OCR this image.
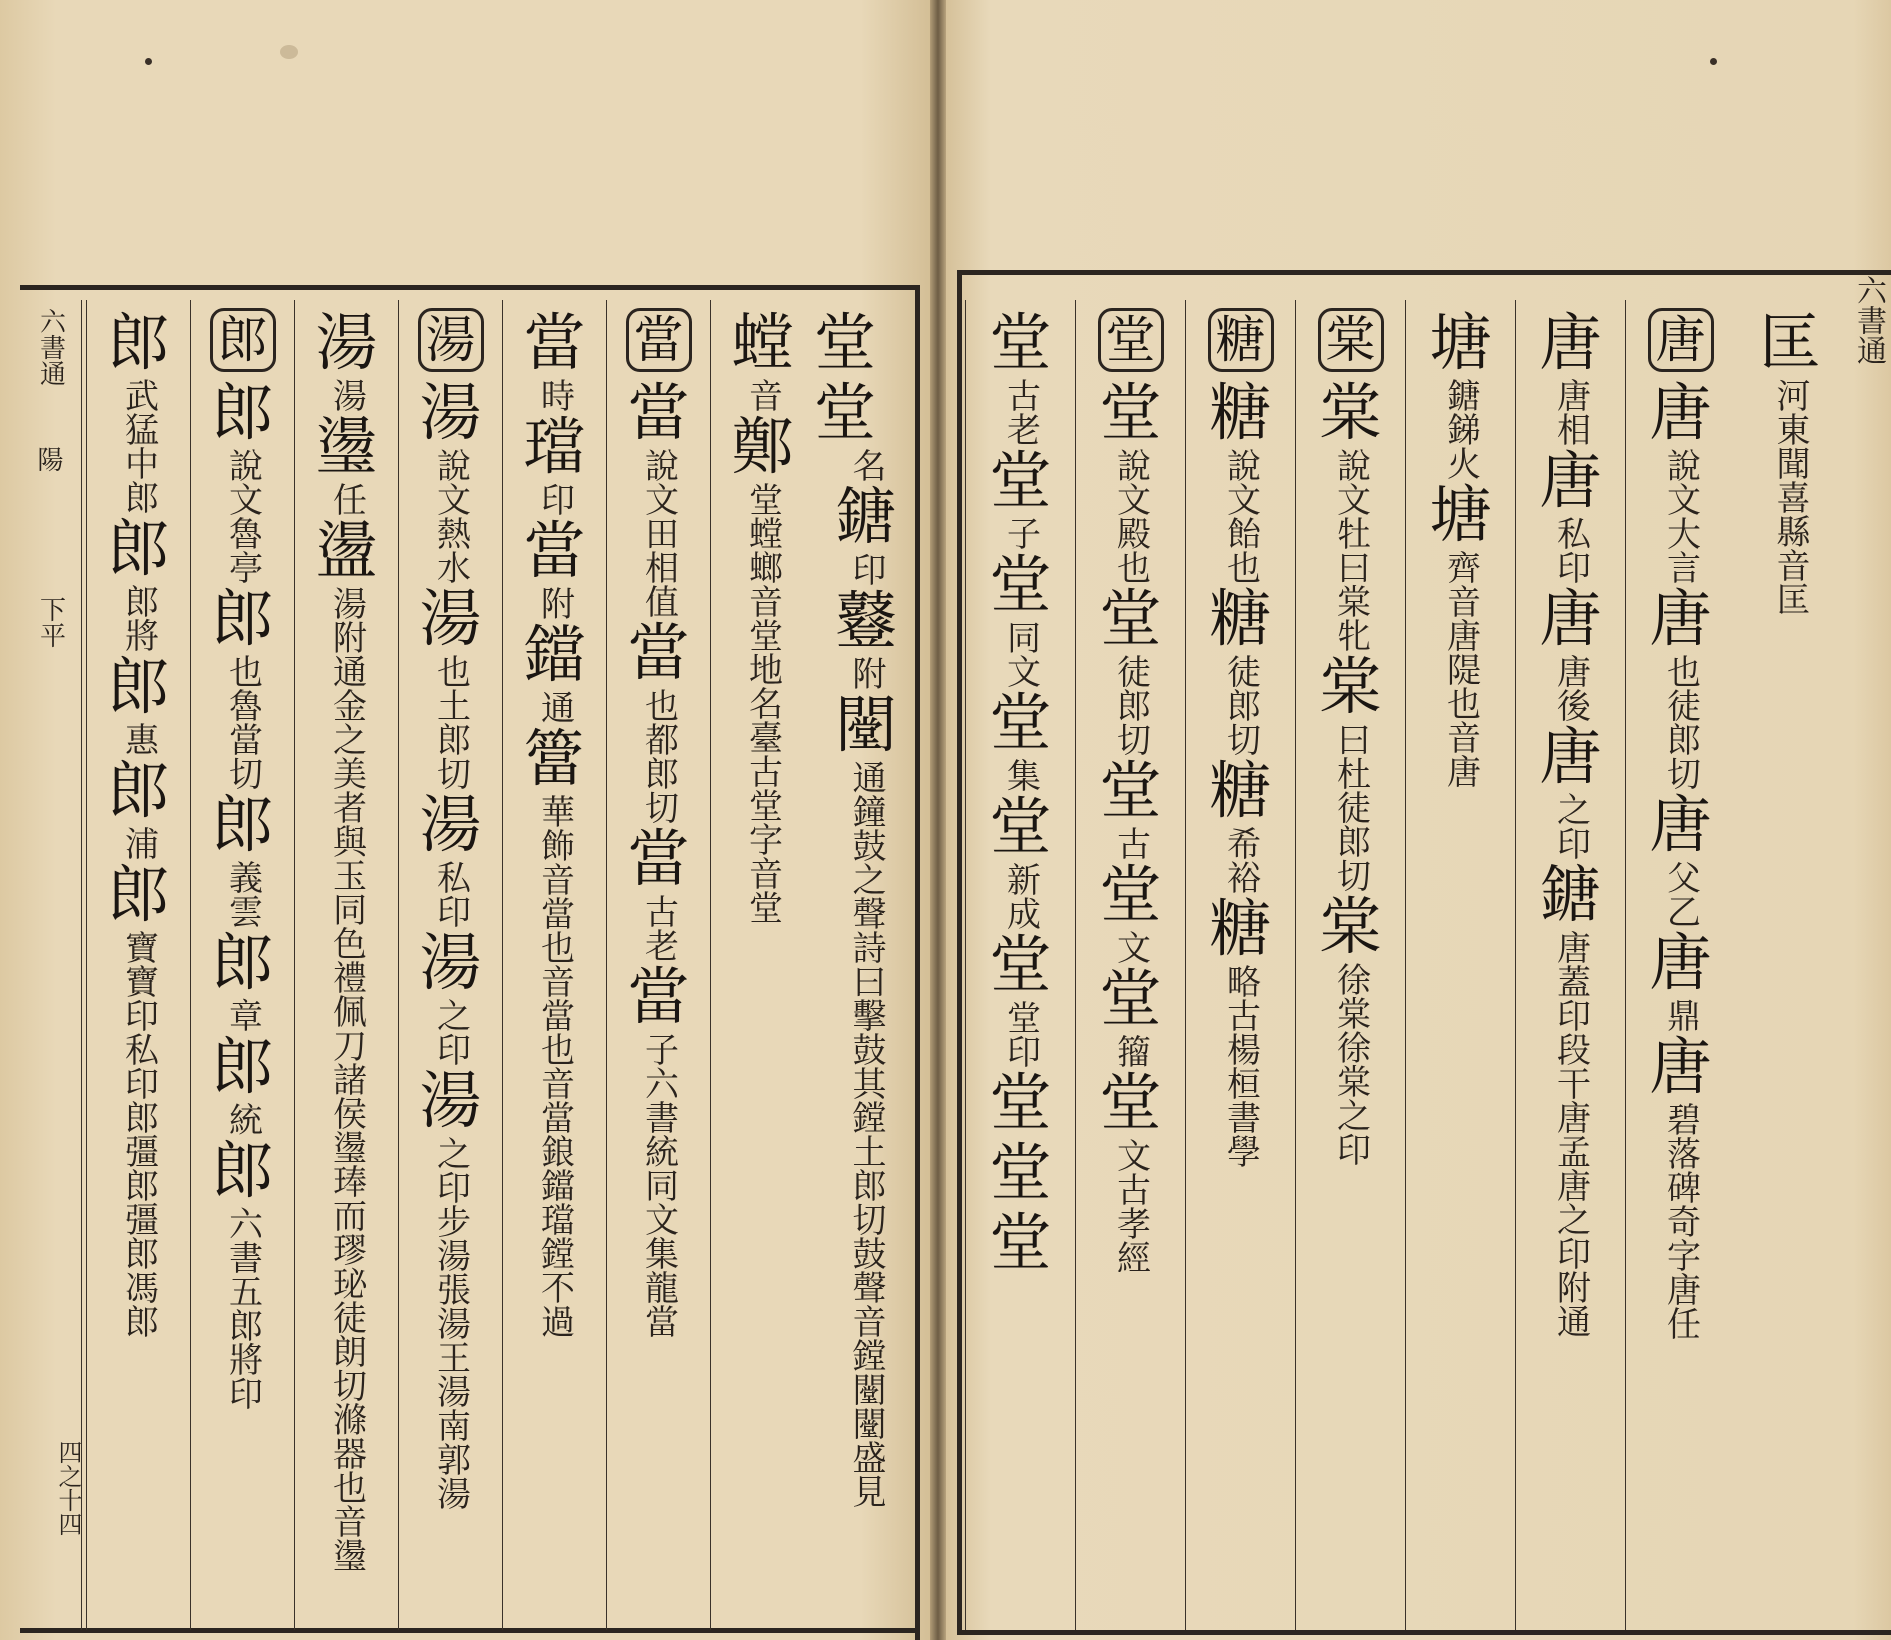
六書通
陽
下平
四之十四
六書通
堂堂
名
鎕
印
鼟
附
闛
通
鐘鼓之聲詩曰擊
鼓其鏜土郎切
鼓聲
音鏜
闛闛
盛見
螳
音
鄭
堂
螳螂
音堂
地名臺古
堂字音堂
當
當
說文田相值
當
也都郎切
當
古老
當
子
六書
統
同文
集
龍
當
當
時
璫
印
當
附
鐺
通
簹
華飾
音當
也音當
也音當
鋃鐺
璫
鏜不過
湯
湯
說文熱水
湯
也土郎切
湯
私印
湯
之印
湯
之印
步湯
張湯
王湯
南郭
湯
湯
湯
璗
任
盪
湯
附
通
金之美者與玉同色禮佩刀
諸侯璗琫而璆珌徒朗切
滌器也
音璗
郎
郎
說文魯亭
郎
也魯當切
郎
義雲
郎
章
郎
統
郎
六書
五郎
將印
郎
武猛中郎
郎
郎將
郎
惠
郎
浦
郎
寶
寶印
私印
郎
彊郎
彊郎
馮郎
匡
河東聞喜
縣音匡
唐
唐
說文大言
唐
也徒郎切
唐
父乙
唐
鼎
唐
碧落
碑
奇
字
唐
任
唐
唐相
唐
私印
唐
唐後
唐
之印
鎕
唐蓋
印
段干
唐
孟唐
之印
附
通
塘
鎕銻火
塘
齊音唐
隄也
音唐
棠
棠
說文牡曰棠牝
棠
曰杜徒郎切
棠
徐
棠
徐棠
之印
糖
糖
說文飴也
糖
徒郎切
糖
希裕
糖
略古
楊桓
書學
堂
堂
說文殿也
堂
徒郎切
堂
古
堂
文
堂
籀
堂
文
古孝
經
堂
古老
堂
子
堂
同文
堂
集
堂
新成
堂
堂印
堂
堂
堂
